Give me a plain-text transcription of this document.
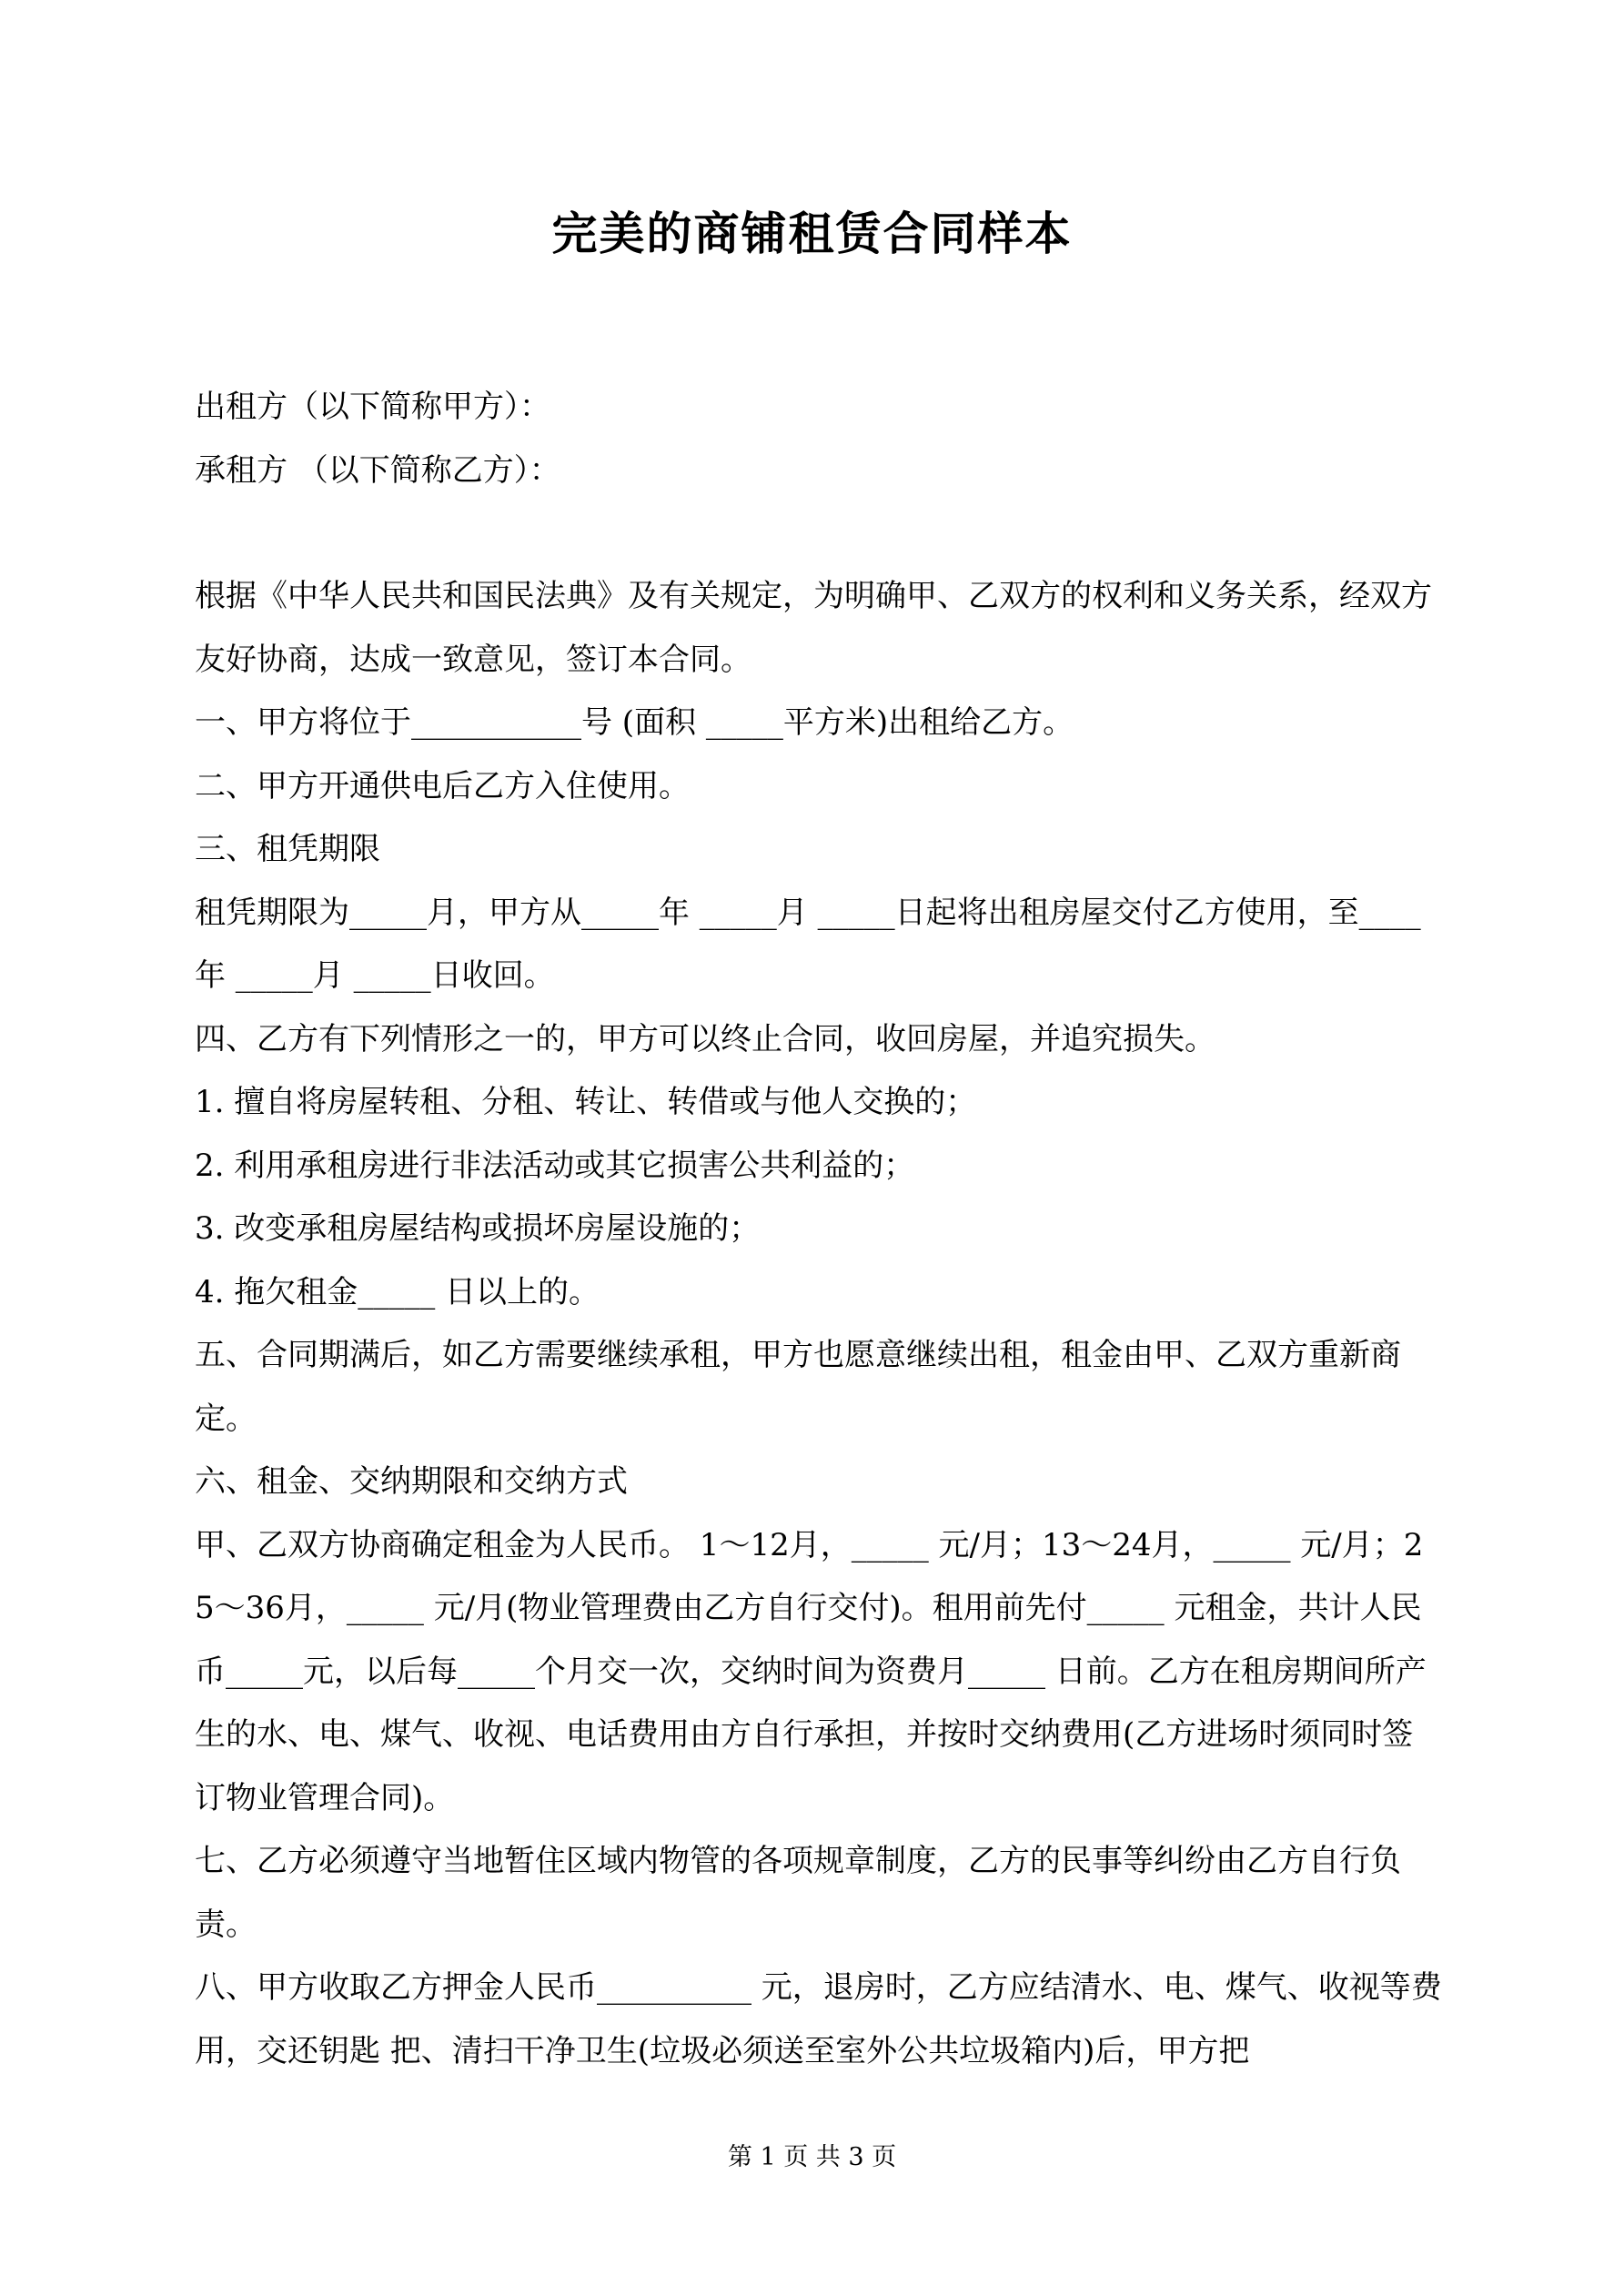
完美的商铺租赁合同样本

出租方（以下简称甲方）：

承租方 （以下简称乙方）：

根据《中华人民共和国民法典》及有关规定，为明确甲、乙双方的权利和义务关系，经双方友好协商，达成一致意见，签订本合同。

一、甲方将位于___________号 (面积 _____平方米)出租给乙方。

二、甲方开通供电后乙方入住使用。

三、租凭期限

租凭期限为_____月，甲方从_____年 _____月 _____日起将出租房屋交付乙方使用，至____年 _____月 _____日收回。

四、乙方有下列情形之一的，甲方可以终止合同，收回房屋，并追究损失。

1. 擅自将房屋转租、分租、转让、转借或与他人交换的；

2. 利用承租房进行非法活动或其它损害公共利益的；

3. 改变承租房屋结构或损坏房屋设施的；

4. 拖欠租金_____ 日以上的。

五、合同期满后，如乙方需要继续承租，甲方也愿意继续出租，租金由甲、乙双方重新商定。

六、租金、交纳期限和交纳方式

甲、乙双方协商确定租金为人民币。 1～12月，_____ 元/月；13～24月，_____ 元/月；25～36月，_____ 元/月(物业管理费由乙方自行交付)。租用前先付_____ 元租金，共计人民币_____元，以后每_____个月交一次，交纳时间为资费月_____ 日前。乙方在租房期间所产生的水、电、煤气、收视、电话费用由方自行承担，并按时交纳费用(乙方进场时须同时签订物业管理合同)。

七、乙方必须遵守当地暂住区域内物管的各项规章制度，乙方的民事等纠纷由乙方自行负责。

八、甲方收取乙方押金人民币__________ 元，退房时，乙方应结清水、电、煤气、收视等费用，交还钥匙 把、清扫干净卫生(垃圾必须送至室外公共垃圾箱内)后，甲方把

第 1 页 共 3 页
